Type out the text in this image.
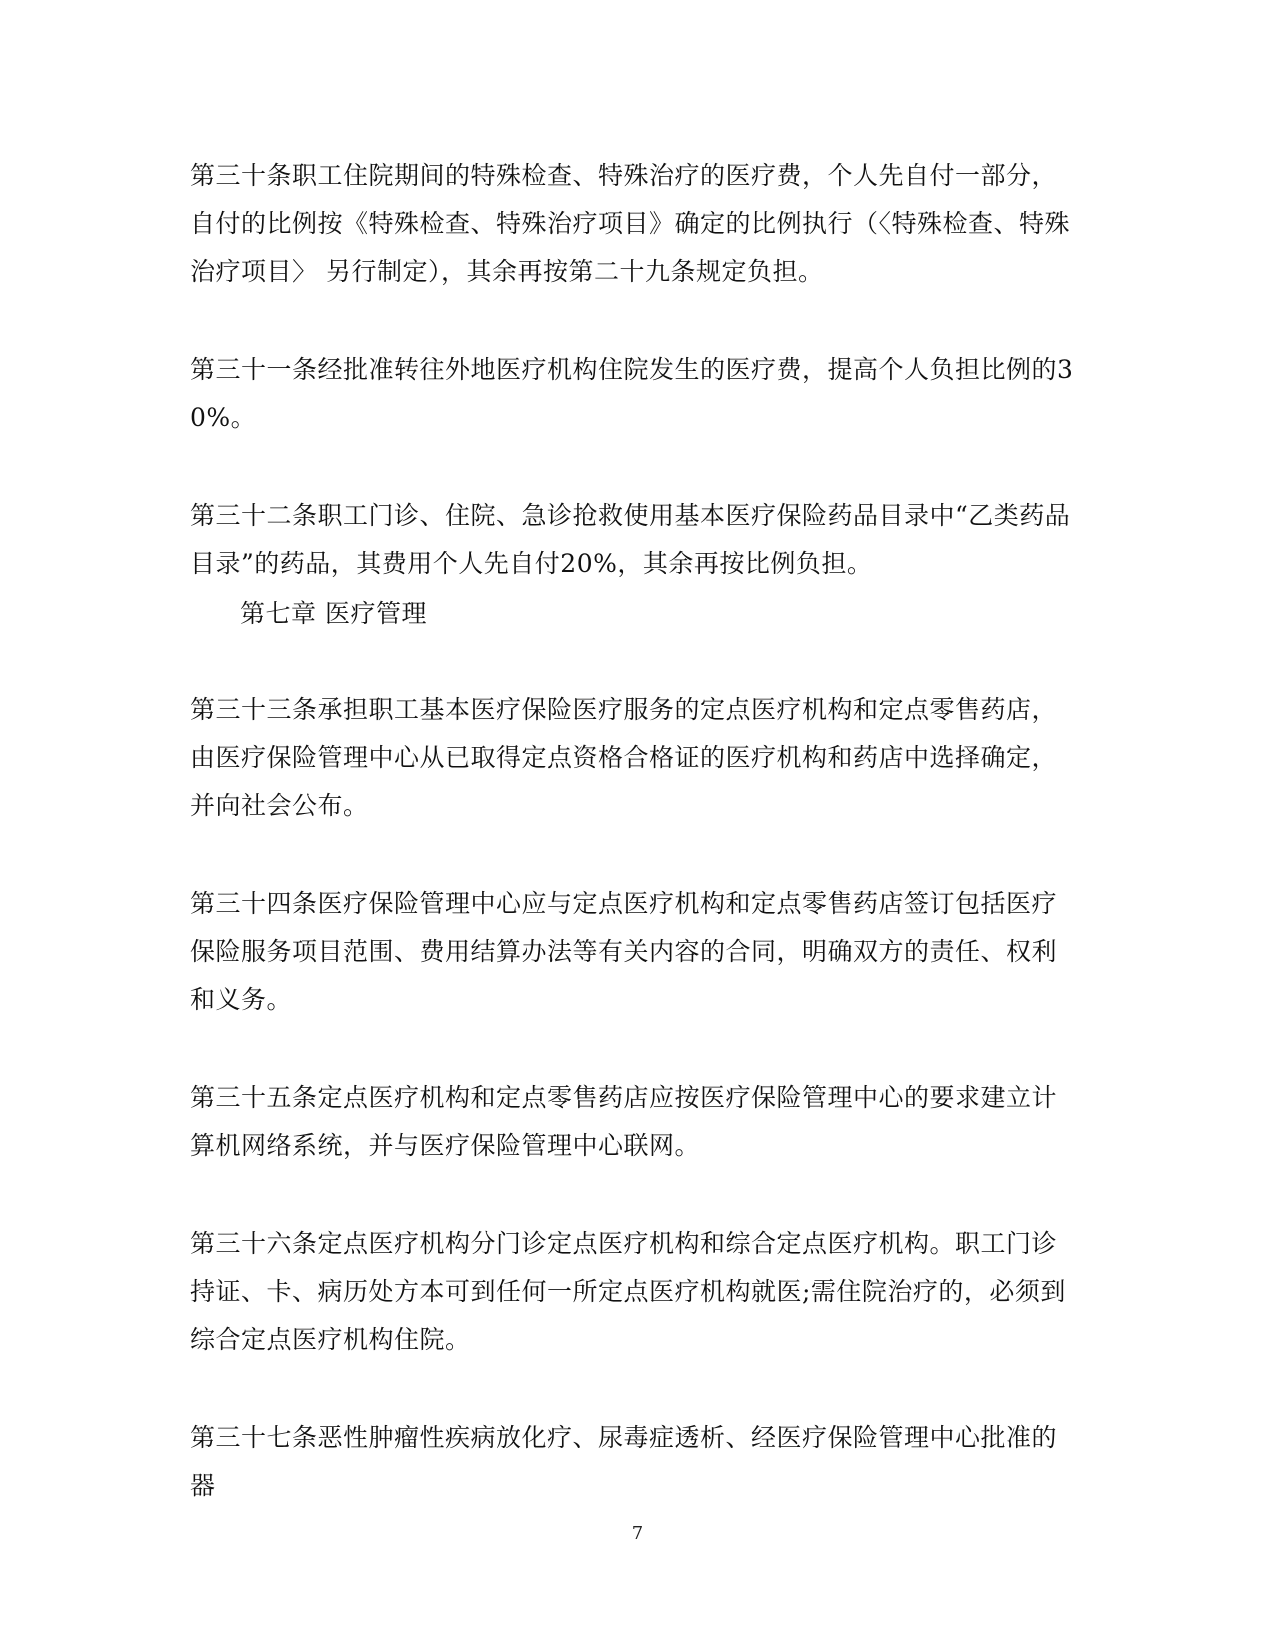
第三十条职工住院期间的特殊检查、特殊治疗的医疗费，个人先自付一部分，自付的比例按《特殊检查、特殊治疗项目》确定的比例执行（〈特殊检查、特殊治疗项目〉 另行制定），其余再按第二十九条规定负担。

第三十一条经批准转往外地医疗机构住院发生的医疗费，提高个人负担比例的30%。

第三十二条职工门诊、住院、急诊抢救使用基本医疗保险药品目录中“乙类药品目录”的药品，其费用个人先自付20%，其余再按比例负担。

第七章 医疗管理

第三十三条承担职工基本医疗保险医疗服务的定点医疗机构和定点零售药店，由医疗保险管理中心从已取得定点资格合格证的医疗机构和药店中选择确定，并向社会公布。

第三十四条医疗保险管理中心应与定点医疗机构和定点零售药店签订包括医疗保险服务项目范围、费用结算办法等有关内容的合同，明确双方的责任、权利和义务。

第三十五条定点医疗机构和定点零售药店应按医疗保险管理中心的要求建立计算机网络系统，并与医疗保险管理中心联网。

第三十六条定点医疗机构分门诊定点医疗机构和综合定点医疗机构。职工门诊持证、卡、病历处方本可到任何一所定点医疗机构就医;需住院治疗的，必须到综合定点医疗机构住院。

第三十七条恶性肿瘤性疾病放化疗、尿毒症透析、经医疗保险管理中心批准的器

7
